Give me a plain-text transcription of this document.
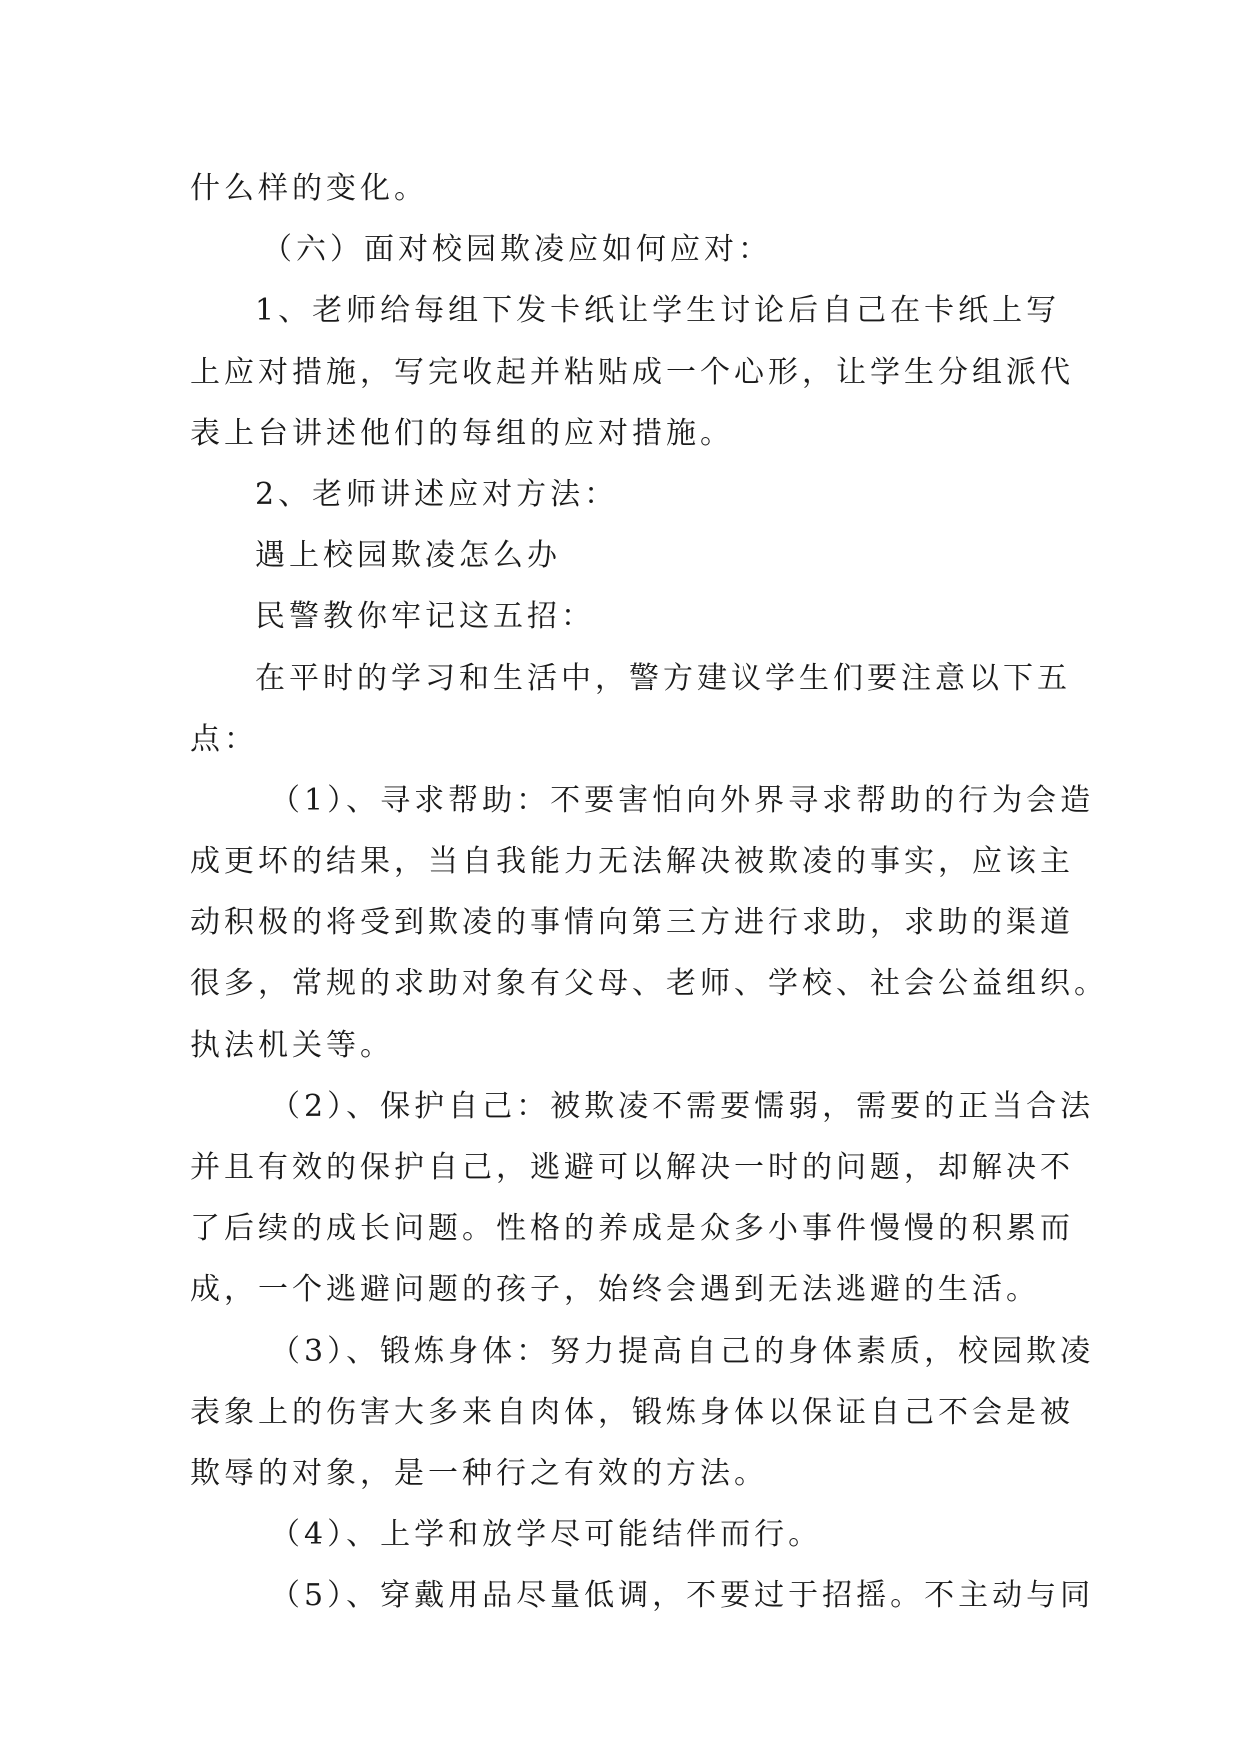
什么样的变化。
（六）面对校园欺凌应如何应对：
1、老师给每组下发卡纸让学生讨论后自己在卡纸上写
上应对措施，写完收起并粘贴成一个心形，让学生分组派代
表上台讲述他们的每组的应对措施。
2、老师讲述应对方法：
遇上校园欺凌怎么办
民警教你牢记这五招：
在平时的学习和生活中，警方建议学生们要注意以下五
点：
（1）、寻求帮助：不要害怕向外界寻求帮助的行为会造
成更坏的结果，当自我能力无法解决被欺凌的事实，应该主
动积极的将受到欺凌的事情向第三方进行求助，求助的渠道
很多，常规的求助对象有父母、老师、学校、社会公益组织。
执法机关等。
（2）、保护自己：被欺凌不需要懦弱，需要的正当合法
并且有效的保护自己，逃避可以解决一时的问题，却解决不
了后续的成长问题。性格的养成是众多小事件慢慢的积累而
成，一个逃避问题的孩子，始终会遇到无法逃避的生活。
（3）、锻炼身体：努力提高自己的身体素质，校园欺凌
表象上的伤害大多来自肉体，锻炼身体以保证自己不会是被
欺辱的对象，是一种行之有效的方法。
（4）、上学和放学尽可能结伴而行。
（5）、穿戴用品尽量低调，不要过于招摇。不主动与同
